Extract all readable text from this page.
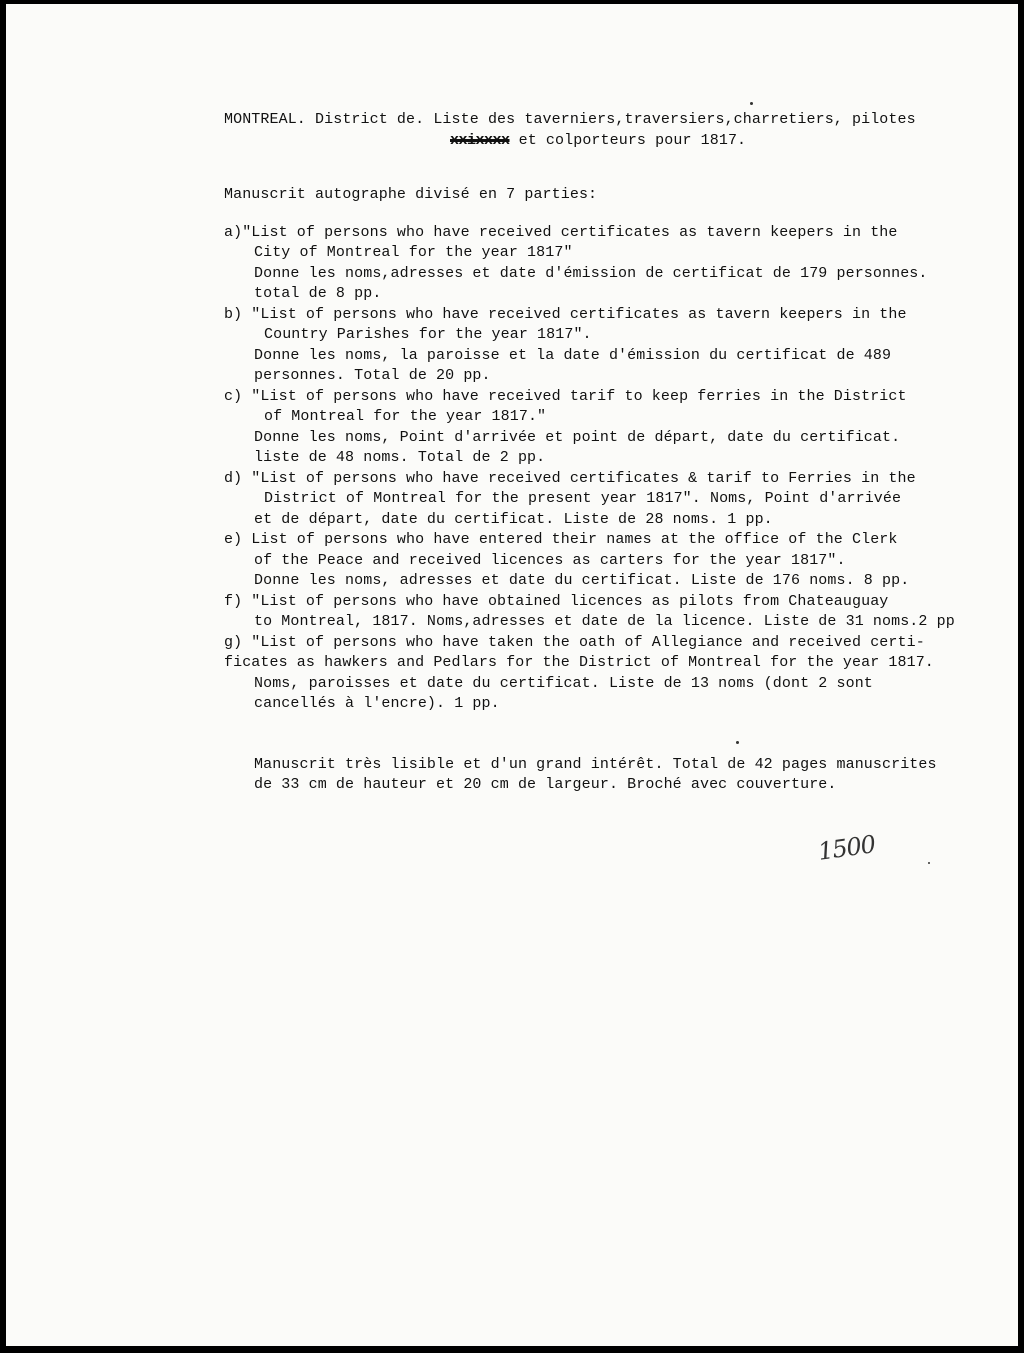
MONTREAL. District de. Liste des taverniers,traversiers,charretiers, pilotes
xxixxxx et colporteurs pour 1817.
Manuscrit autographe divisé en 7 parties:
a)"List of persons who have received certificates as tavern keepers in the
City of Montreal for the year 1817"
Donne les noms,adresses et date d'émission de certificat de 179 personnes.
total de 8 pp.
b) "List of persons who have received certificates as tavern keepers in the
Country Parishes for the year 1817".
Donne les noms, la paroisse et la date d'émission du certificat de 489
personnes. Total de 20 pp.
c) "List of persons who have received tarif to keep ferries in the District
of Montreal for the year 1817."
Donne les noms, Point d'arrivée et point de départ, date du certificat.
liste de 48 noms. Total de 2 pp.
d) "List of persons who have received certificates & tarif to Ferries in the
District of Montreal for the present year 1817". Noms, Point d'arrivée
et de départ, date du certificat. Liste de 28 noms. 1 pp.
e) List of persons who have entered their names at the office of the Clerk
of the Peace and received licences as carters for the year 1817".
Donne les noms, adresses et date du certificat. Liste de 176 noms. 8 pp.
f) "List of persons who have obtained licences as pilots from Chateauguay
to Montreal, 1817. Noms,adresses et date de la licence. Liste de 31 noms.2 pp
g) "List of persons who have taken the oath of Allegiance and received certi-
ficates as hawkers and Pedlars for the District of Montreal for the year 1817.
Noms, paroisses et date du certificat. Liste de 13 noms (dont 2 sont
cancellés à l'encre). 1 pp.
Manuscrit très lisible et d'un grand intérêt. Total de 42 pages manuscrites
de 33 cm de hauteur et 20 cm de largeur. Broché avec couverture.
1500
